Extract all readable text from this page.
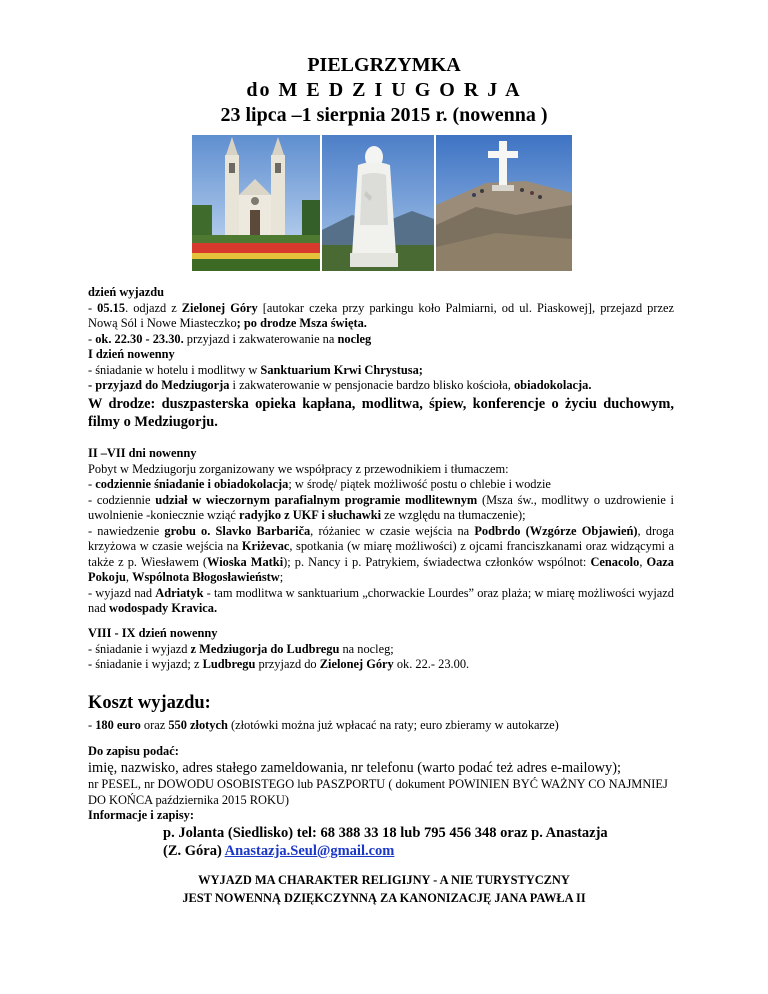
PIELGRZYMKA
do M E D Z I U G O R J A
23 lipca –1 sierpnia 2015 r. (nowenna )

dzień wyjazdu

- 05.15. odjazd z Zielonej Góry [autokar czeka przy parkingu koło Palmiarni, od ul. Piaskowej], przejazd przez Nową Sól i Nowe Miasteczko; po drodze Msza święta.

- ok. 22.30 - 23.30. przyjazd i zakwaterowanie na nocleg

I dzień nowenny

- śniadanie w hotelu i modlitwy w Sanktuarium Krwi Chrystusa;

- przyjazd do Medziugorja i zakwaterowanie w pensjonacie bardzo blisko kościoła, obiadokolacja.

W drodze: duszpasterska opieka kapłana, modlitwa, śpiew, konferencje o życiu duchowym, filmy o Medziugorju.

II –VII dni nowenny

Pobyt w Medziugorju zorganizowany we współpracy z przewodnikiem i tłumaczem:

- codziennie śniadanie i obiadokolacja; w środę/ piątek możliwość postu o chlebie i wodzie

- codziennie udział w wieczornym parafialnym programie modlitewnym (Msza św., modlitwy o uzdrowienie i uwolnienie -koniecznie wziąć radyjko z UKF i słuchawki ze względu na tłumaczenie);

- nawiedzenie grobu o. Slavko Barbariča, różaniec w czasie wejścia na Podbrdo (Wzgórze Objawień), droga krzyżowa w czasie wejścia na Kriżevac, spotkania (w miarę możliwości) z ojcami franciszkanami oraz widzącymi a także z p. Wiesławem (Wioska Matki); p. Nancy i p. Patrykiem, świadectwa członków wspólnot: Cenacolo, Oaza Pokoju, Wspólnota Błogosławieństw;

- wyjazd nad Adriatyk - tam modlitwa w sanktuarium „chorwackie Lourdes” oraz plaża; w miarę możliwości wyjazd nad wodospady Kravica.

VIII - IX dzień nowenny

- śniadanie i wyjazd z Medziugorja do Ludbregu na nocleg;

- śniadanie i wyjazd; z Ludbregu przyjazd do Zielonej Góry ok. 22.- 23.00.

Koszt wyjazdu:

- 180 euro oraz 550 złotych (złotówki można już wpłacać na raty; euro zbieramy w autokarze)

Do zapisu podać:

imię, nazwisko, adres stałego zameldowania, nr telefonu (warto podać też adres e-mailowy);

nr PESEL, nr DOWODU OSOBISTEGO lub PASZPORTU ( dokument POWINIEN BYĆ WAŻNY CO NAJMNIEJ DO KOŃCA października 2015 ROKU)

Informacje i zapisy:

p. Jolanta (Siedlisko) tel: 68 388 33 18 lub 795 456 348 oraz p. Anastazja

(Z. Góra) Anastazja.Seul@gmail.com

WYJAZD MA CHARAKTER RELIGIJNY - A NIE TURYSTYCZNY
JEST NOWENNĄ DZIĘKCZYNNĄ ZA KANONIZACJĘ JANA PAWŁA II
